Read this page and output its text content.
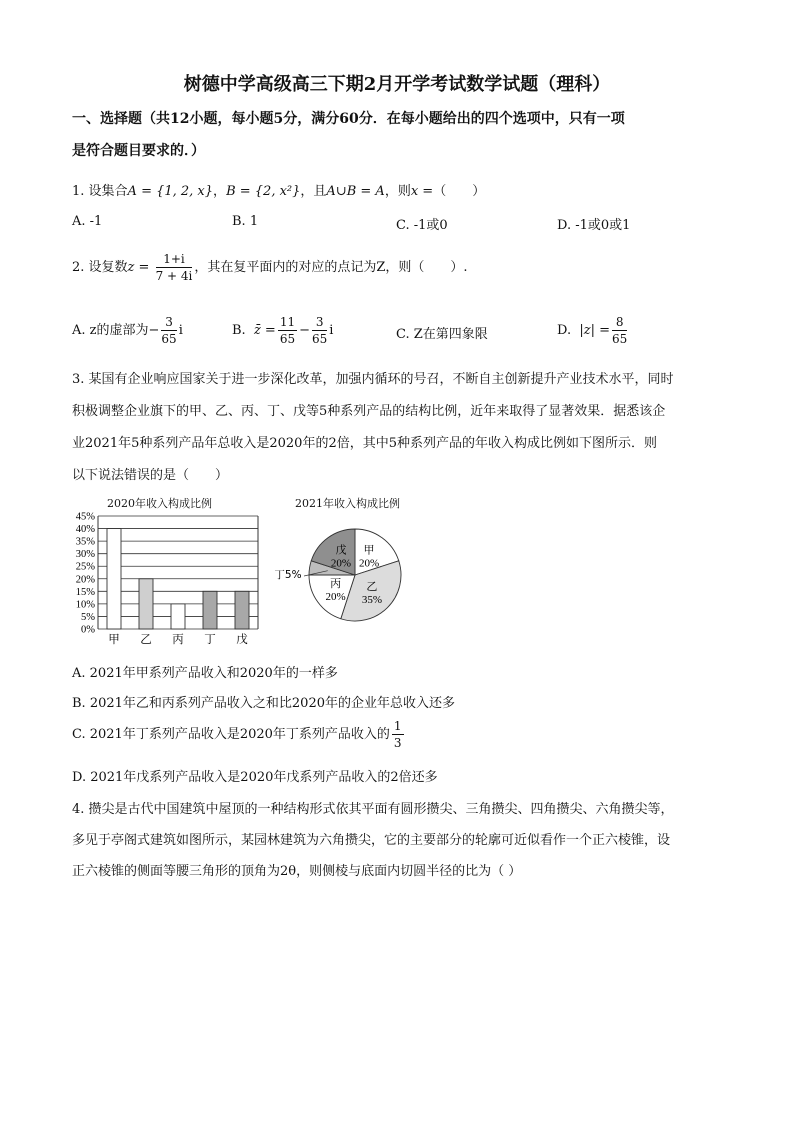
树德中学高级高三下期2月开学考试数学试题（理科）
一、选择题（共12小题，每小题5分，满分60分．在每小题给出的四个选项中，只有一项
是符合题目要求的．）
1. 设集合A = {1, 2, x}，B = {2, x²}，且A∪B = A，则x =（　　）
A. -1	B. 1	C. -1或0	D. -1或0或1
2. 设复数$z = \frac{1+i}{7 + 4i}$ ，其在复平面内的对应的点记为Z，则（　　）.
A. z的虚部为− $\frac{3}{65}$ i	B. z̄ = $\frac{11}{65} - \frac{3}{65}$ i	C. Z在第四象限	D. $|z| = \frac{8}{65}$
3. 某国有企业响应国家关于进一步深化改革，加强内循环的号召，不断自主创新提升产业技术水平，同时
积极调整企业旗下的甲、乙、丙、丁、戊等5种系列产品的结构比例，近年来取得了显著效果．据悉该企
业2021年5种系列产品年总收入是2020年的2倍，其中5种系列产品的年收入构成比例如下图所示．则
以下说法错误的是（　　）
2020年收入构成比例
0%
5%
10%
15%
20%
25%
30%
35%
40%
45%
甲 乙 丙 丁 戊
2021年收入构成比例
甲
20%
乙
35%
丙
20%
丁5%
戊
20%
A. 2021年甲系列产品收入和2020年的一样多
B. 2021年乙和丙系列产品收入之和比2020年的企业年总收入还多
C. 2021年丁系列产品收入是2020年丁系列产品收入的 $\frac{1}{3}$
D. 2021年戊系列产品收入是2020年戊系列产品收入的2倍还多
4. 攒尖是古代中国建筑中屋顶的一种结构形式依其平面有圆形攒尖、三角攒尖、四角攒尖、六角攒尖等，
多见于亭阁式建筑如图所示，某园林建筑为六角攒尖，它的主要部分的轮廓可近似看作一个正六棱锥，设
正六棱锥的侧面等腰三角形的顶角为2θ，则侧棱与底面内切圆半径的比为（ ）
